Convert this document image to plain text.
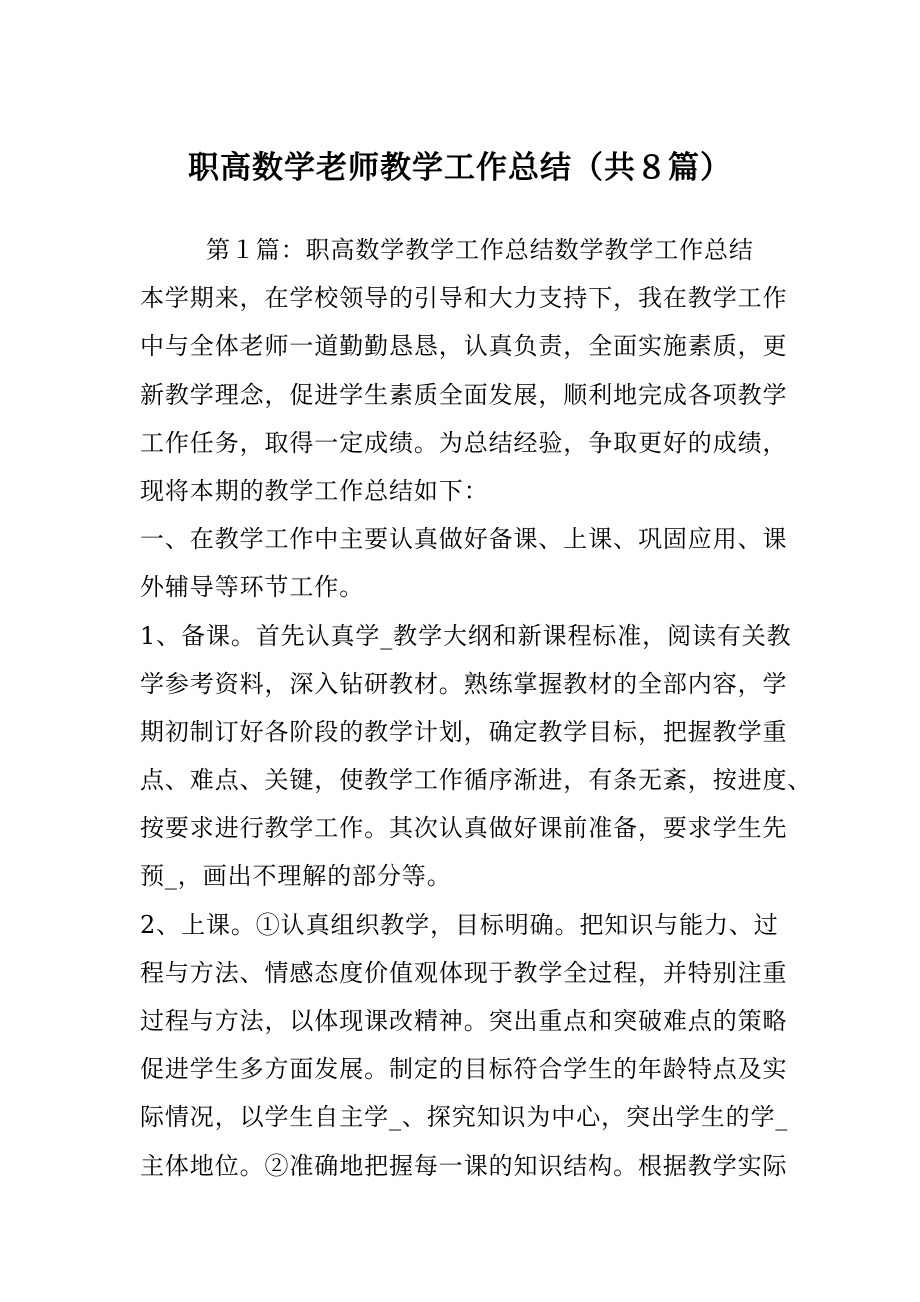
职高数学老师教学工作总结（共８篇）

第１篇：职高数学教学工作总结数学教学工作总结

本学期来，在学校领导的引导和大力支持下，我在教学工作

中与全体老师一道勤勤恳恳，认真负责，全面实施素质，更

新教学理念，促进学生素质全面发展，顺利地完成各项教学

工作任务，取得一定成绩。为总结经验，争取更好的成绩，

现将本期的教学工作总结如下：

一、在教学工作中主要认真做好备课、上课、巩固应用、课

外辅导等环节工作。

1、备课。首先认真学_教学大纲和新课程标准，阅读有关教

学参考资料，深入钻研教材。熟练掌握教材的全部内容，学

期初制订好各阶段的教学计划，确定教学目标，把握教学重

点、难点、关键，使教学工作循序渐进，有条无紊，按进度、

按要求进行教学工作。其次认真做好课前准备，要求学生先

预_，画出不理解的部分等。

2、上课。①认真组织教学，目标明确。把知识与能力、过

程与方法、情感态度价值观体现于教学全过程，并特别注重

过程与方法，以体现课改精神。突出重点和突破难点的策略

促进学生多方面发展。制定的目标符合学生的年龄特点及实

际情况，以学生自主学_、探究知识为中心，突出学生的学_

主体地位。②准确地把握每一课的知识结构。根据教学实际
